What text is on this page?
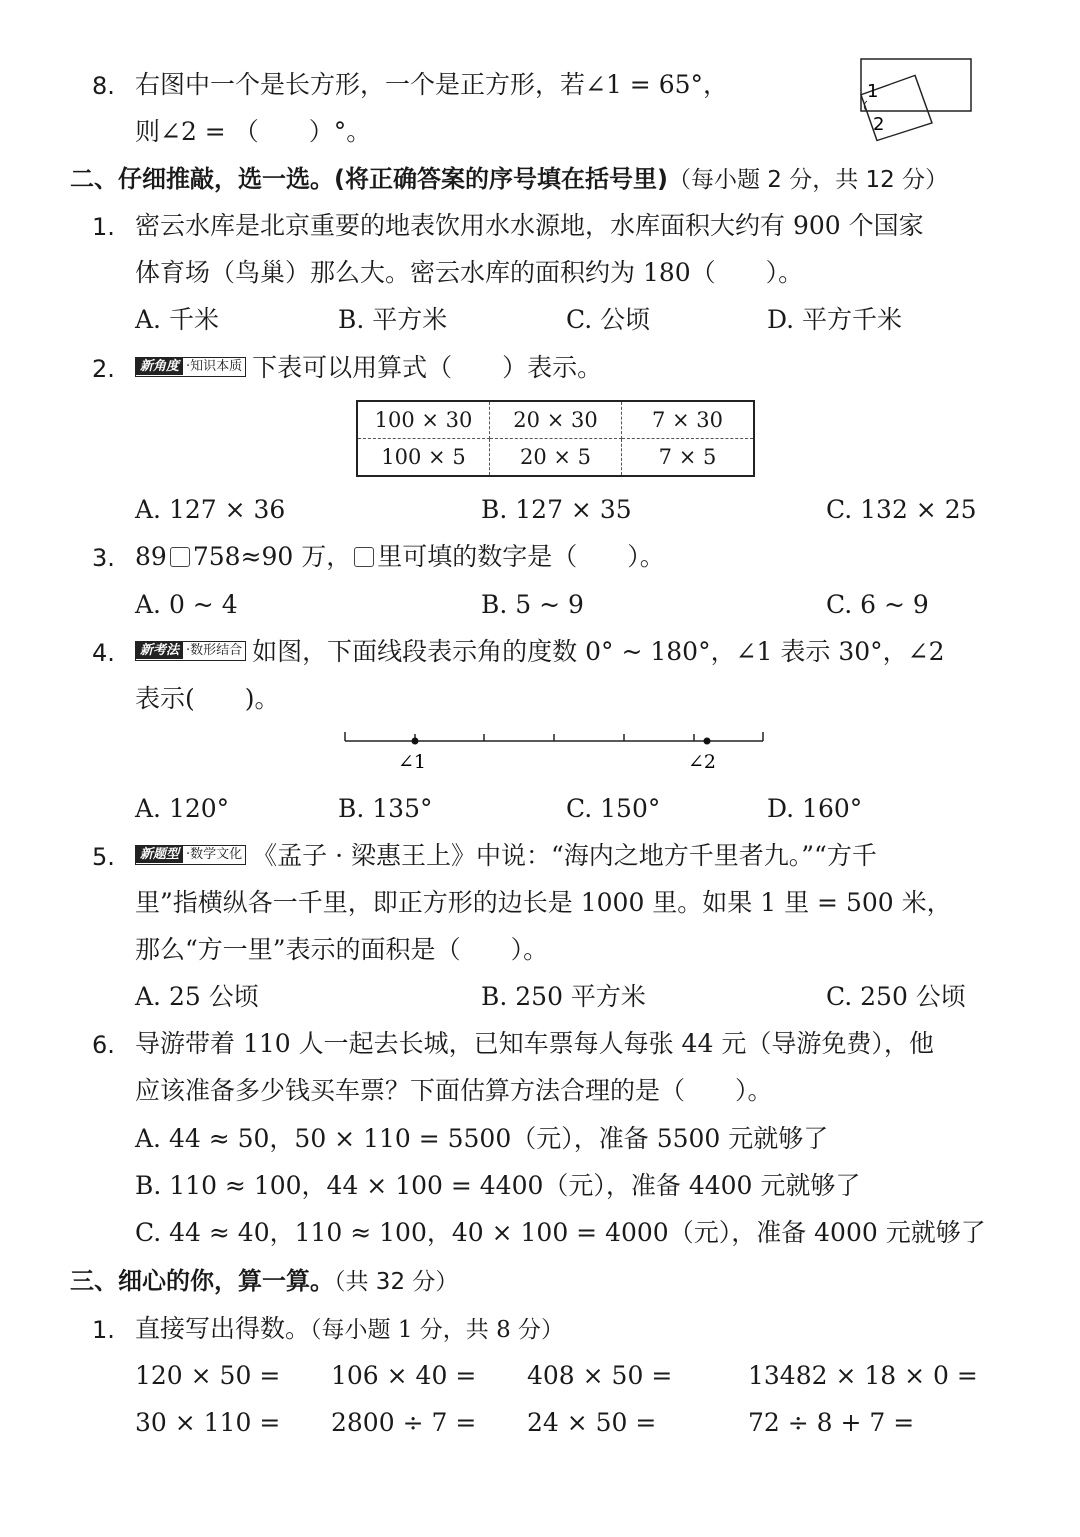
8. 右图中一个是长方形，一个是正方形，若∠1 = 65°，
则∠2 = （　　）°。
1
2
二、仔细推敲，选一选。(将正确答案的序号填在括号里)（每小题 2 分，共 12 分）
1. 密云水库是北京重要的地表饮用水水源地，水库面积大约有 900 个国家
体育场（鸟巢）那么大。密云水库的面积约为 180（　　）。
A. 千米	B. 平方米	C. 公顷	D. 平方千米
2.	新角度 ·知识本质 下表可以用算式（　　）表示。
100 × 30	20 × 30	7 × 30
100 × 5	20 × 5	7 × 5
A. 127 × 36	B. 127 × 35	C. 132 × 25
3. 89 758≈90 万， 里可填的数字是（　　）。
A. 0 ~ 4	B. 5 ~ 9	C. 6 ~ 9
4.	新考法 ·数形结合 如图，下面线段表示角的度数 0° ~ 180°，∠1 表示 30°，∠2
表示(　　)。
∠1	∠2
A. 120°	B. 135°	C. 150°	D. 160°
5.	新题型 ·数学文化 《孟子 · 梁惠王上》中说：“海内之地方千里者九。”“方千
里”指横纵各一千里，即正方形的边长是 1000 里。如果 1 里 = 500 米，
那么“方一里”表示的面积是（　　）。
A. 25 公顷	B. 250 平方米	C. 250 公顷
6. 导游带着 110 人一起去长城，已知车票每人每张 44 元（导游免费），他
应该准备多少钱买车票？下面估算方法合理的是（　　）。
A. 44 ≈ 50，50 × 110 = 5500（元），准备 5500 元就够了
B. 110 ≈ 100，44 × 100 = 4400（元），准备 4400 元就够了
C. 44 ≈ 40，110 ≈ 100，40 × 100 = 4000（元），准备 4000 元就够了
三、细心的你，算一算。（共 32 分）
1. 直接写出得数。（每小题 1 分，共 8 分）
120 × 50 = 106 × 40 = 408 × 50 =	13482 × 18 × 0 =
30 × 110 = 2800 ÷ 7 = 24 × 50 =	72 ÷ 8 + 7 =
